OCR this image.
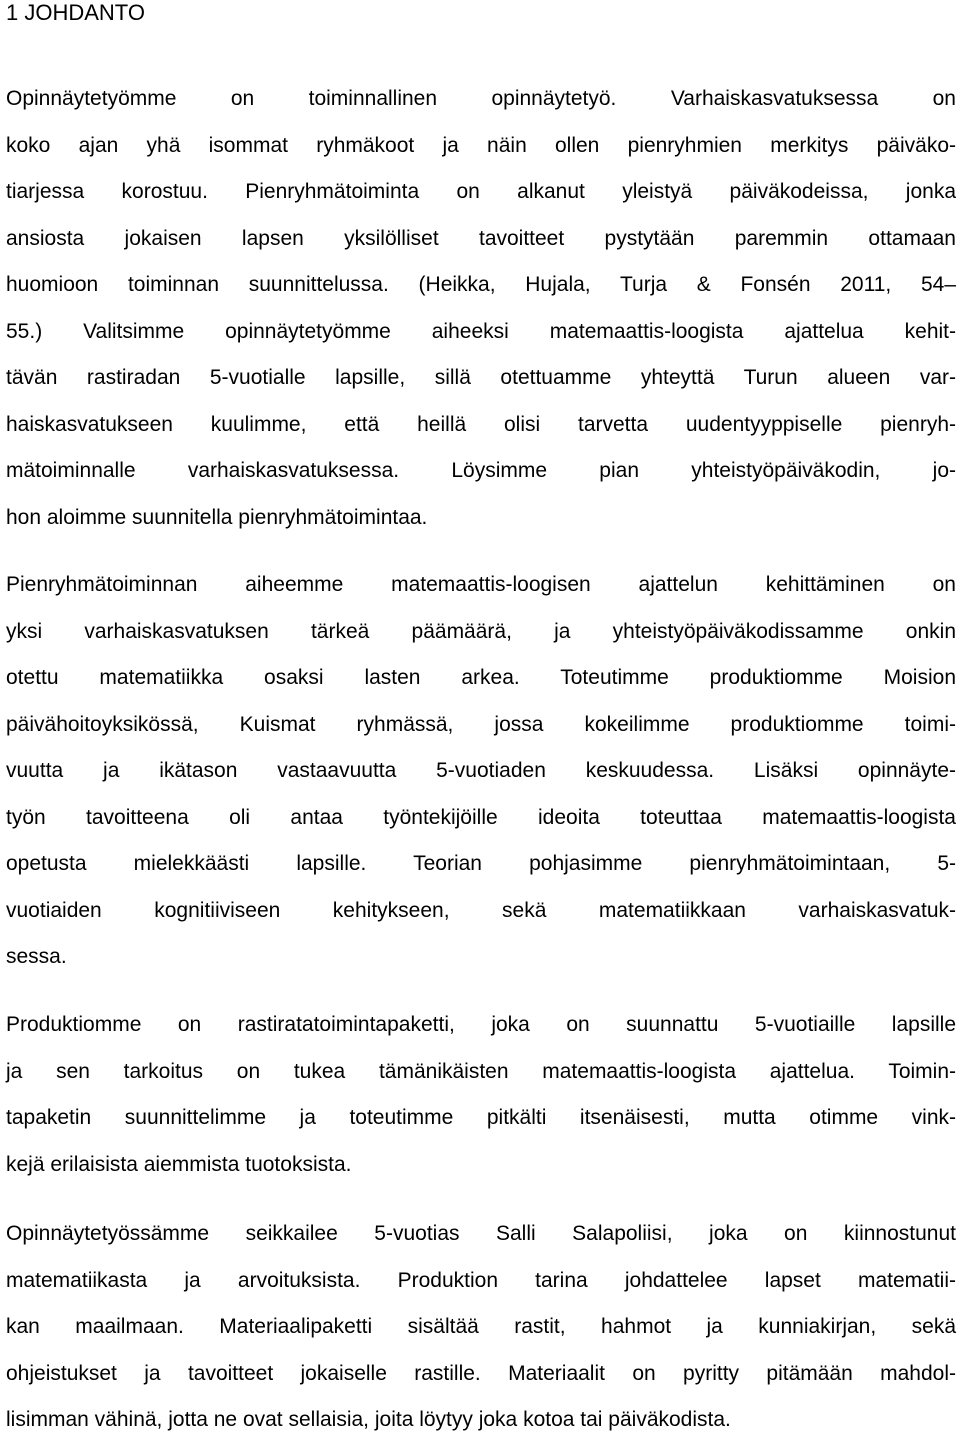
1 JOHDANTO
Opinnäytetyömme on toiminnallinen opinnäytetyö. Varhaiskasvatuksessa on
koko ajan yhä isommat ryhmäkoot ja näin ollen pienryhmien merkitys päiväko-
tiarjessa korostuu. Pienryhmätoiminta on alkanut yleistyä päiväkodeissa, jonka
ansiosta jokaisen lapsen yksilölliset tavoitteet pystytään paremmin ottamaan
huomioon toiminnan suunnittelussa. (Heikka, Hujala, Turja & Fonsén 2011, 54–
55.) Valitsimme opinnäytetyömme aiheeksi matemaattis-loogista ajattelua kehit-
tävän rastiradan 5-vuotialle lapsille, sillä otettuamme yhteyttä Turun alueen var-
haiskasvatukseen kuulimme, että heillä olisi tarvetta uudentyyppiselle pienryh-
mätoiminnalle varhaiskasvatuksessa. Löysimme pian yhteistyöpäiväkodin, jo-
hon aloimme suunnitella pienryhmätoimintaa.
Pienryhmätoiminnan aiheemme matemaattis-loogisen ajattelun kehittäminen on
yksi varhaiskasvatuksen tärkeä päämäärä, ja yhteistyöpäiväkodissamme onkin
otettu matematiikka osaksi lasten arkea. Toteutimme produktiomme Moision
päivähoitoyksikössä, Kuismat ryhmässä, jossa kokeilimme produktiomme toimi-
vuutta ja ikätason vastaavuutta 5-vuotiaden keskuudessa. Lisäksi opinnäyte-
työn tavoitteena oli antaa työntekijöille ideoita toteuttaa matemaattis-loogista
opetusta mielekkäästi lapsille. Teorian pohjasimme pienryhmätoimintaan, 5-
vuotiaiden kognitiiviseen kehitykseen, sekä matematiikkaan varhaiskasvatuk-
sessa.
Produktiomme on rastiratatoimintapaketti, joka on suunnattu 5-vuotiaille lapsille
ja sen tarkoitus on tukea tämänikäisten matemaattis-loogista ajattelua. Toimin-
tapaketin suunnittelimme ja toteutimme pitkälti itsenäisesti, mutta otimme vink-
kejä erilaisista aiemmista tuotoksista.
Opinnäytetyössämme seikkailee 5-vuotias Salli Salapoliisi, joka on kiinnostunut
matematiikasta ja arvoituksista. Produktion tarina johdattelee lapset matematii-
kan maailmaan. Materiaalipaketti sisältää rastit, hahmot ja kunniakirjan, sekä
ohjeistukset ja tavoitteet jokaiselle rastille. Materiaalit on pyritty pitämään mahdol-
lisimman vähinä, jotta ne ovat sellaisia, joita löytyy joka kotoa tai päiväkodista.
